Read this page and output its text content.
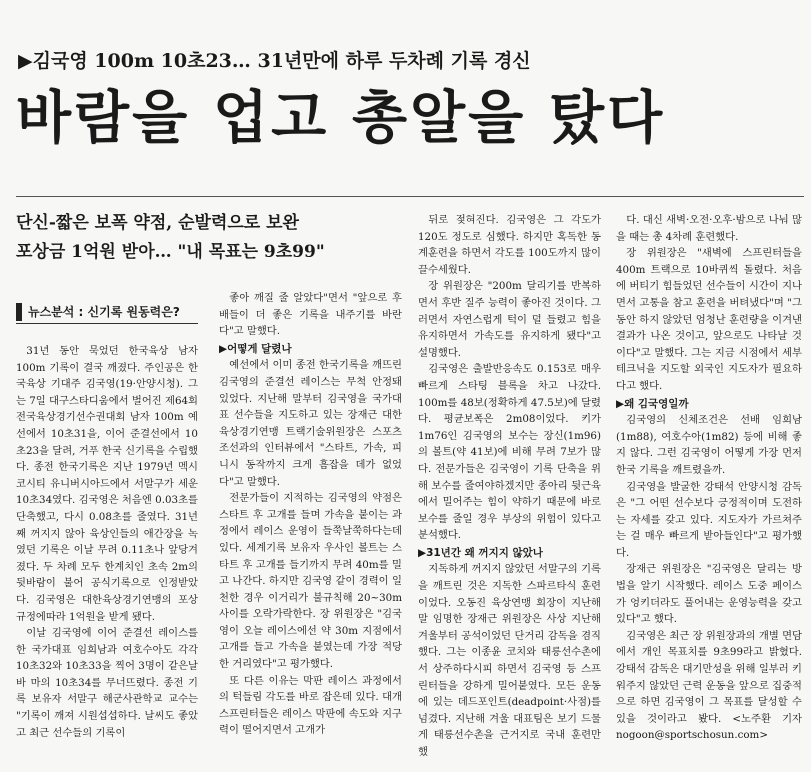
▶김국영 100m 10초23… 31년만에 하루 두차례 기록 경신
바람을 업고 총알을 탔다
단신-짧은 보폭 약점, 순발력으로 보완
포상금 1억원 받아… "내 목표는 9초99"
뉴스분석 : 신기록 원동력은?

31년 동안 묵었던 한국육상 남자 100m 기록이 결국 깨졌다. 주인공은 한국육상 기대주 김국영(19·안양시청). 그는 7일 대구스타디움에서 벌어진 제64회 전국육상경기선수권대회 남자 100m 예선에서 10초31을, 이어 준결선에서 10초23을 달려, 거푸 한국 신기록을 수립했다. 종전 한국기록은 지난 1979년 멕시코시티 유니버시아드에서 서말구가 세운 10초34였다. 김국영은 처음엔 0.03초를 단축했고, 다시 0.08초를 줄였다. 31년째 꺼지지 않아 육상인들의 애간장을 녹였던 기록은 이날 무려 0.11초나 앞당겨졌다. 두 차례 모두 한계치인 초속 2m의 뒷바람이 불어 공식기록으로 인정받았다. 김국영은 대한육상경기연맹의 포상 규정에따라 1억원을 받게 됐다.

이날 김국영에 이어 준결선 레이스를 한 국가대표 임희남과 여호수아도 각각 10초32와 10초33을 찍어 3명이 같은날 바 마의 10초34를 무너뜨렸다. 종전 기록 보유자 서말구 해군사관학교 교수는 "기록이 깨져 시원섭섭하다. 날씨도 좋았고 최근 선수들의 기록이

좋아 깨질 줄 알았다"면서 "앞으로 후배들이 더 좋은 기록을 내주기를 바란다"고 말했다.

▶어떻게 달렸나

예선에서 이미 종전 한국기록을 깨뜨린 김국영의 준결선 레이스는 무척 안정돼 있었다. 지난해 말부터 김국영을 국가대표 선수들을 지도하고 있는 장재근 대한육상경기연맹 트랙기술위원장은 스포츠조선과의 인터뷰에서 "스타트, 가속, 피니시 동작까지 크게 흠잡을 데가 없었다"고 말했다.

전문가들이 지적하는 김국영의 약점은 스타트 후 고개를 들며 가속을 붙이는 과정에서 레이스 운영이 들쭉날쭉하다는데 있다. 세계기록 보유자 우사인 볼트는 스타트 후 고개를 들기까지 무려 40m를 밀고 나간다. 하지만 김국영 같이 경력이 일천한 경우 이거리가 불규칙해 20~30m사이를 오락가락한다. 장 위원장은 "김국영이 오늘 레이스에선 약 30m 지점에서 고개를 들고 가속을 붙였는데 가장 적당한 거리였다"고 평가했다.

또 다른 이유는 막판 레이스 과정에서의 턱들림 각도를 바로 잡은데 있다. 대개 스프린터들은 레이스 막판에 속도와 지구력이 떨어지면서 고개가

뒤로 젖혀진다. 김국영은 그 각도가 120도 정도로 심했다. 하지만 혹독한 동계훈련을 하면서 각도를 100도까지 많이 끌수세웠다.

장 위원장은 "200m 달리기를 반복하면서 후반 질주 능력이 좋아진 것이다. 그러면서 자연스럽게 턱이 덜 들렸고 힘을 유지하면서 가속도를 유지하게 됐다"고 설명했다.

김국영은 출발반응속도 0.153로 매우 빠르게 스타팅 블록을 차고 나갔다. 100m를 48보(정확하게 47.5보)에 달렸다. 평균보폭은 2m08이었다. 키가 1m76인 김국영의 보수는 장신(1m96)의 볼트(약 41보)에 비해 무려 7보가 많다. 전문가들은 김국영이 기록 단축을 위해 보수를 줄여야하겠지만 종아리 뒷근육에서 밀어주는 힘이 약하기 때문에 바로 보수를 줄일 경우 부상의 위험이 있다고 분석했다.

▶31년간 왜 꺼지지 않았나

지독하게 꺼지지 않았던 서말구의 기록을 깨트린 것은 지독한 스파르타식 훈련이었다. 오동진 육상연맹 회장이 지난해 말 임명한 장재근 위원장은 사상 지난해 겨울부터 공석이었던 단거리 감독을 겸직했다. 그는 이종윤 코치와 태릉선수촌에서 상주하다시피 하면서 김국영 등 스프린터들을 강하게 밀어붙였다. 모든 운동에 있는 데드포인트(deadpoint·사점)를 넘겼다. 지난해 겨울 대표팀은 보기 드물게 태릉선수촌을 근거지로 국내 훈련만 했

다. 대신 새벽·오전·오후·밤으로 나눠 많을 때는 총 4차례 훈련했다.

장 위원장은 "새벽에 스프린터들을 400m 트랙으로 10바퀴씩 돌렸다. 처음에 버티기 힘들었던 선수들이 시간이 지나면서 고통을 참고 훈련을 버텨냈다"며 "그동안 하지 않았던 엄청난 훈련량을 이겨낸 결과가 나온 것이고, 앞으로도 나타날 것이다"고 말했다. 그는 지금 시점에서 세부 테크닉을 지도할 외국인 지도자가 필요하다고 했다.

▶왜 김국영일까

김국영의 신체조건은 선배 임희남(1m88), 여호수아(1m82) 등에 비해 좋지 않다. 그런 김국영이 어떻게 가장 먼저 한국 기록을 깨트렸을까.

김국영을 발굴한 강태석 안양시청 감독은 "그 어떤 선수보다 긍정적이며 도전하는 자세를 갖고 있다. 지도자가 가르쳐주는 걸 매우 빠르게 받아들인다"고 평가했다.

장재근 위원장은 "김국영은 달리는 방법을 알기 시작했다. 레이스 도중 페이스가 엉키더라도 풀어내는 운영능력을 갖고 있다"고 했다.

김국영은 최근 장 위원장과의 개별 면담에서 개인 목표치를 9초99라고 밝혔다. 강태석 감독은 대기만성을 위해 일부러 키워주지 않았던 근력 운동을 앞으로 집중적으로 하면 김국영이 그 목표를 달성할 수 있을 것이라고 봤다. <노주환 기자 nogoon@sportschosun.com>
